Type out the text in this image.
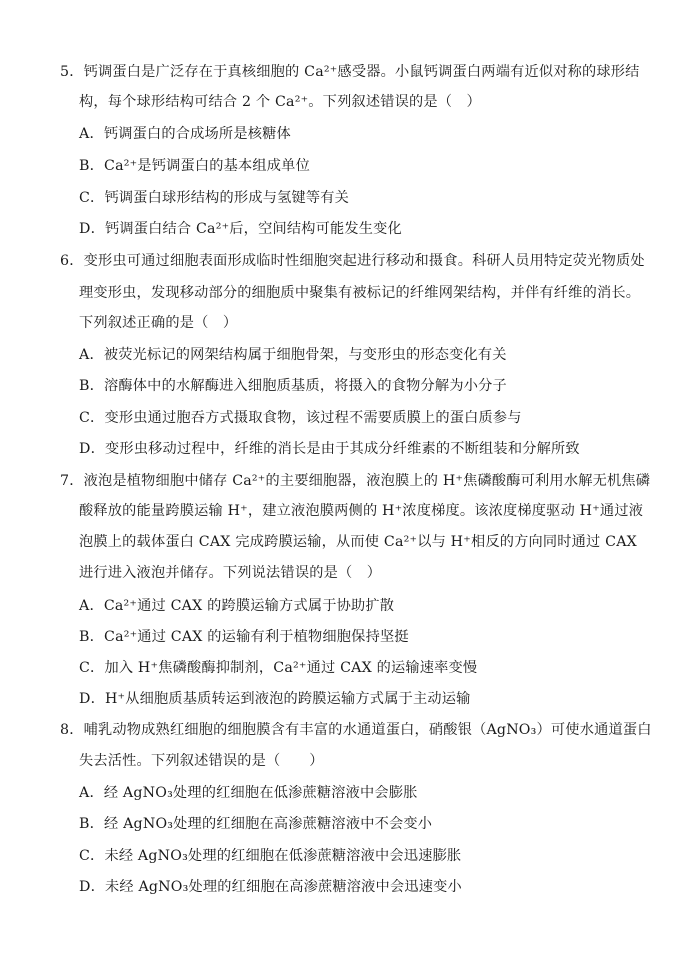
5．钙调蛋白是广泛存在于真核细胞的 Ca²⁺感受器。小鼠钙调蛋白两端有近似对称的球形结
构，每个球形结构可结合 2 个 Ca²⁺。下列叙述错误的是（　）
A．钙调蛋白的合成场所是核糖体
B．Ca²⁺是钙调蛋白的基本组成单位
C．钙调蛋白球形结构的形成与氢键等有关
D．钙调蛋白结合 Ca²⁺后，空间结构可能发生变化
6．变形虫可通过细胞表面形成临时性细胞突起进行移动和摄食。科研人员用特定荧光物质处
理变形虫，发现移动部分的细胞质中聚集有被标记的纤维网架结构，并伴有纤维的消长。
下列叙述正确的是（　）
A．被荧光标记的网架结构属于细胞骨架，与变形虫的形态变化有关
B．溶酶体中的水解酶进入细胞质基质，将摄入的食物分解为小分子
C．变形虫通过胞吞方式摄取食物，该过程不需要质膜上的蛋白质参与
D．变形虫移动过程中，纤维的消长是由于其成分纤维素的不断组装和分解所致
7．液泡是植物细胞中储存 Ca²⁺的主要细胞器，液泡膜上的 H⁺焦磷酸酶可利用水解无机焦磷
酸释放的能量跨膜运输 H⁺，建立液泡膜两侧的 H⁺浓度梯度。该浓度梯度驱动 H⁺通过液
泡膜上的载体蛋白 CAX 完成跨膜运输，从而使 Ca²⁺以与 H⁺相反的方向同时通过 CAX
进行进入液泡并储存。下列说法错误的是（　）
A．Ca²⁺通过 CAX 的跨膜运输方式属于协助扩散
B．Ca²⁺通过 CAX 的运输有利于植物细胞保持坚挺
C．加入 H⁺焦磷酸酶抑制剂，Ca²⁺通过 CAX 的运输速率变慢
D．H⁺从细胞质基质转运到液泡的跨膜运输方式属于主动运输
8．哺乳动物成熟红细胞的细胞膜含有丰富的水通道蛋白，硝酸银（AgNO₃）可使水通道蛋白
失去活性。下列叙述错误的是（　　）
A．经 AgNO₃处理的红细胞在低渗蔗糖溶液中会膨胀
B．经 AgNO₃处理的红细胞在高渗蔗糖溶液中不会变小
C．未经 AgNO₃处理的红细胞在低渗蔗糖溶液中会迅速膨胀
D．未经 AgNO₃处理的红细胞在高渗蔗糖溶液中会迅速变小
